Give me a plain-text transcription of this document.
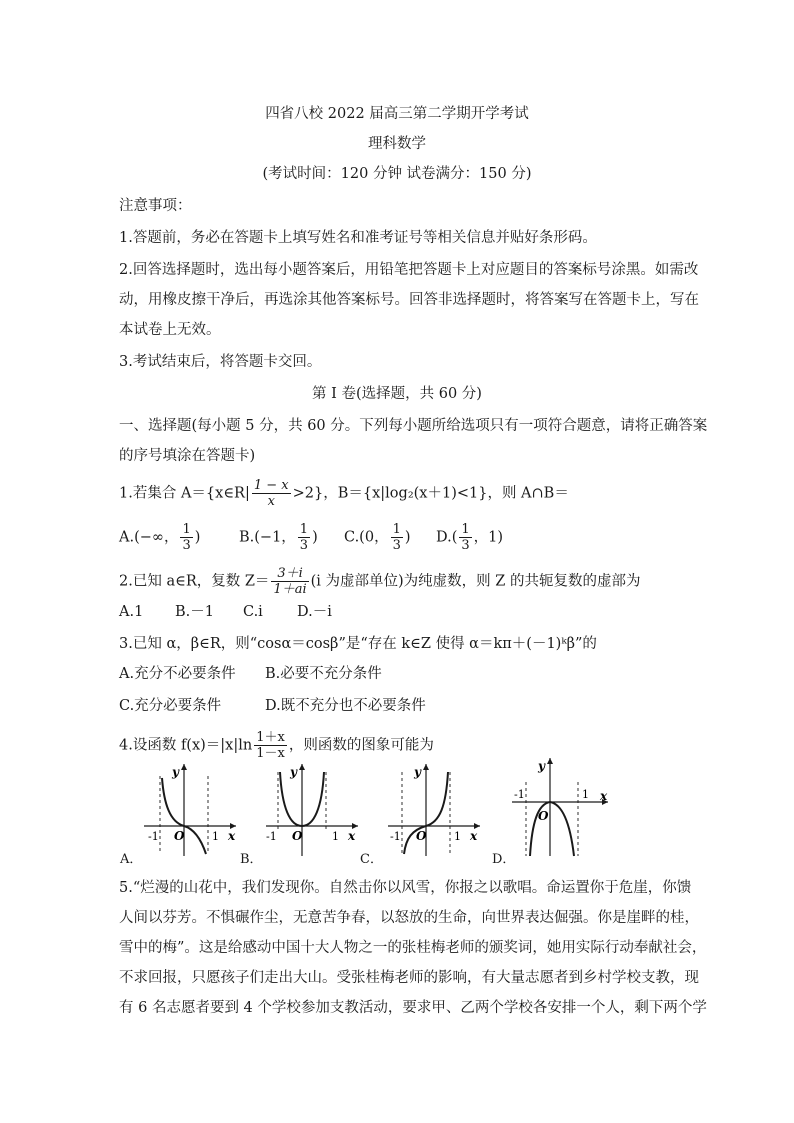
四省八校 2022 届高三第二学期开学考试
理科数学
(考试时间：120 分钟 试卷满分：150 分)
注意事项：
1.答题前，务必在答题卡上填写姓名和准考证号等相关信息并贴好条形码。
2.回答选择题时，选出每小题答案后，用铅笔把答题卡上对应题目的答案标号涂黑。如需改
动，用橡皮擦干净后，再选涂其他答案标号。回答非选择题时，将答案写在答题卡上，写在
本试卷上无效。
3.考试结束后，将答题卡交回。
第 I 卷(选择题，共 60 分)
一、选择题(每小题 5 分，共 60 分。下列每小题所给选项只有一项符合题意，请将正确答案
的序号填涂在答题卡)
1.若集合 A＝{x∈R| $\frac{1 - x}{x} >2$}，B＝{x|log₂(x＋1)<1}，则 A∩B＝
A.(−∞， $\frac{1}{3}$ )	B.(−1， $\frac{1}{3}$ ) C.(0， $\frac{1}{3}$ ) $D.( \frac{1}{3}$ ，1)
2.已知 a∈R，复数 $Z= \frac{3+i}{1+ai} (i$ 为虚部单位)为纯虚数，则 Z 的共轭复数的虚部为
A.1 B.－1 C.i D.－i
3.已知 α，β∈R，则“cosα＝cosβ”是“存在 k∈Z 使得 α＝kπ＋(－1)ᵏβ”的
A.充分不必要条件 B.必要不充分条件
C.充分必要条件	D.既不充分也不必要条件
4.设函数 $f(x)=|x|\ln \frac{1+x}{1-x}$ ，则函数的图象可能为
y
x
O
-1	1
y
x
O
-1	1
y
x
O
-1	1
y
x
O
-1	1
A．	B．	C．	D．
5.“烂漫的山花中，我们发现你。自然击你以风雪，你报之以歌唱。命运置你于危崖，你馈
人间以芬芳。不惧碾作尘，无意苦争春，以怒放的生命，向世界表达倔强。你是崖畔的桂，
雪中的梅”。这是给感动中国十大人物之一的张桂梅老师的颁奖词，她用实际行动奉献社会，
不求回报，只愿孩子们走出大山。受张桂梅老师的影响，有大量志愿者到乡村学校支教，现
有 6 名志愿者要到 4 个学校参加支教活动，要求甲、乙两个学校各安排一个人，剩下两个学
